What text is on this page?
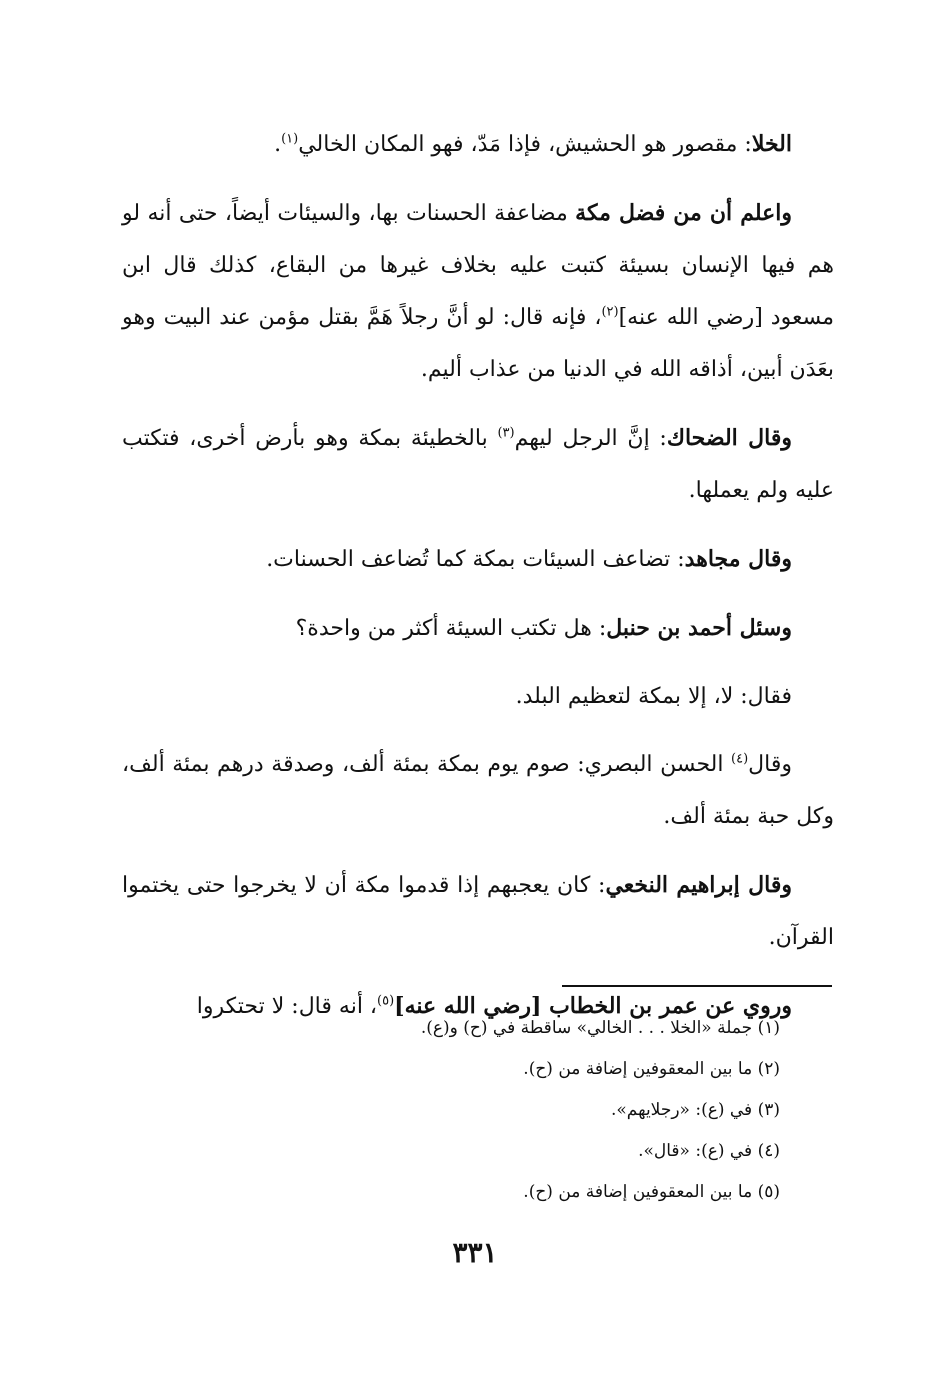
الخلا: مقصور هو الحشيش، فإذا مَدّ، فهو المكان الخالي$^{(١)}$.

واعلم أن من فضل مكة مضاعفة الحسنات بها، والسيئات أيضاً، حتى أنه لو هم فيها الإنسان بسيئة كتبت عليه بخلاف غيرها من البقاع، كذلك قال ابن مسعود [رضي الله عنه]$^{(٢)}$، فإنه قال: لو أنَّ رجلاً هَمَّ بقتل مؤمن عند البيت وهو بعَدَن أبين، أذاقه الله في الدنيا من عذاب أليم.

وقال الضحاك: إنَّ الرجل ليهم$^{(٣)}$ بالخطيئة بمكة وهو بأرض أخرى، فتكتب عليه ولم يعملها.

وقال مجاهد: تضاعف السيئات بمكة كما تُضاعف الحسنات.

وسئل أحمد بن حنبل: هل تكتب السيئة أكثر من واحدة؟

فقال: لا، إلا بمكة لتعظيم البلد.

وقال$^{(٤)}$ الحسن البصري: صوم يوم بمكة بمئة ألف، وصدقة درهم بمئة ألف، وكل حبة بمئة ألف.

وقال إبراهيم النخعي: كان يعجبهم إذا قدموا مكة أن لا يخرجوا حتى يختموا القرآن.

وروي عن عمر بن الخطاب [رضي الله عنه]$^{(٥)}$، أنه قال: لا تحتكروا

(١) جملة «الخلا . . . الخالي» ساقطة في (ح) و(ع).

(٢) ما بين المعقوفين إضافة من (ح).

(٣) في (ع): «رجلايهم».

(٤) في (ع): «قال».

(٥) ما بين المعقوفين إضافة من (ح).

٣٣١
